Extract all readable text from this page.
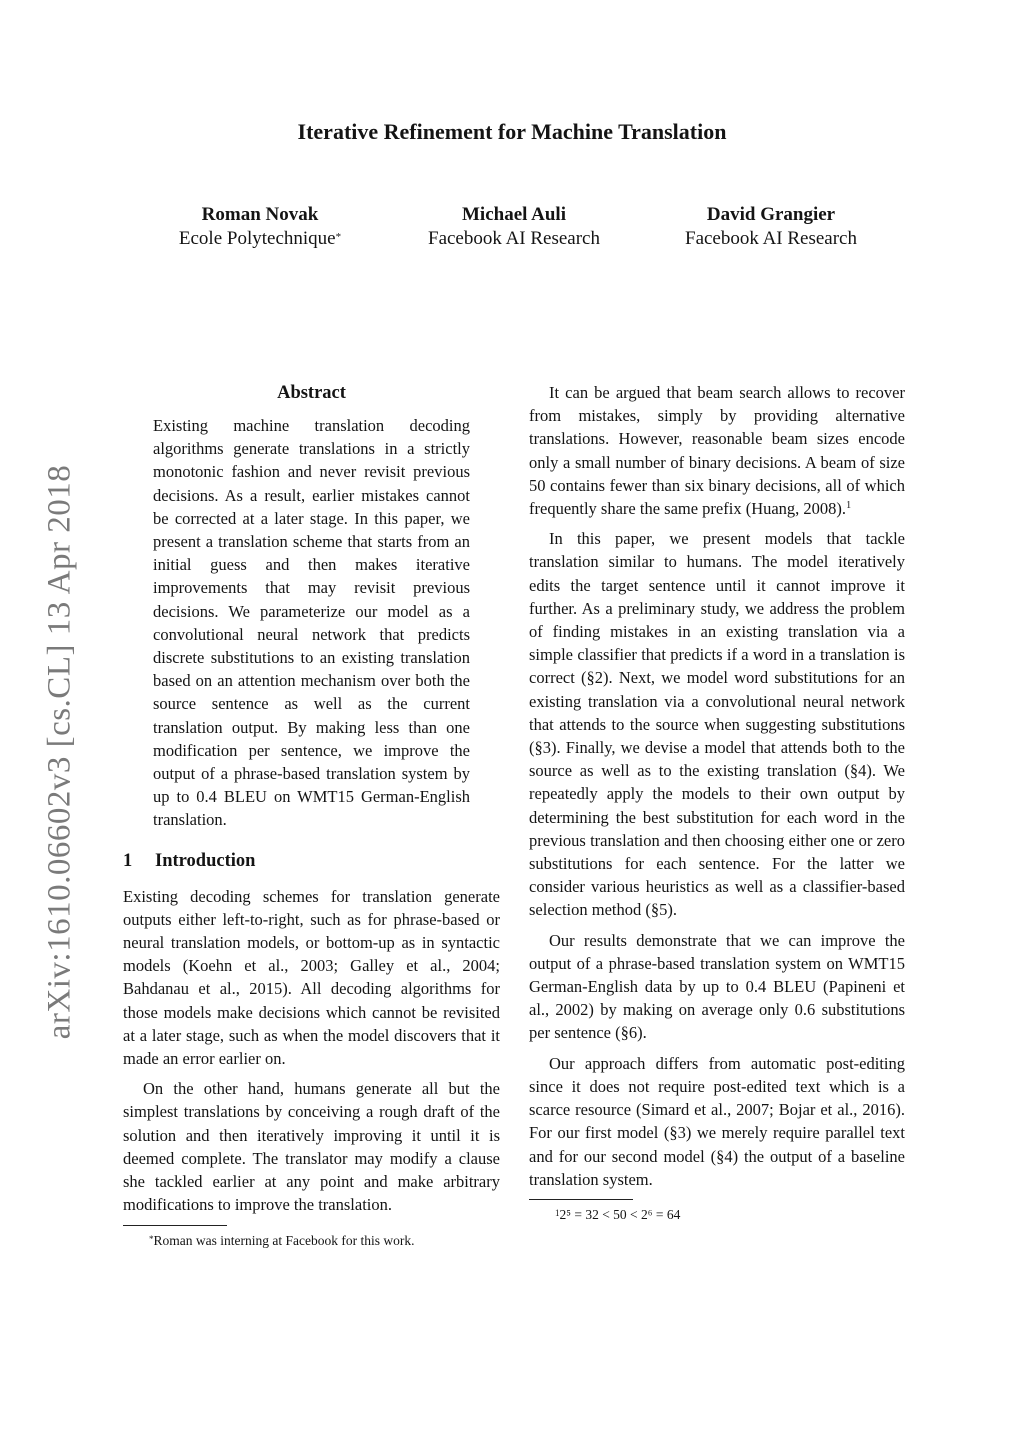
Iterative Refinement for Machine Translation
Roman Novak
Ecole Polytechnique*
Michael Auli
Facebook AI Research
David Grangier
Facebook AI Research
arXiv:1610.06602v3 [cs.CL] 13 Apr 2018
Abstract

Existing machine translation decoding algorithms generate translations in a strictly monotonic fashion and never revisit previous decisions. As a result, earlier mistakes cannot be corrected at a later stage. In this paper, we present a translation scheme that starts from an initial guess and then makes iterative improvements that may revisit previous decisions. We parameterize our model as a convolutional neural network that predicts discrete substitutions to an existing translation based on an attention mechanism over both the source sentence as well as the current translation output. By making less than one modification per sentence, we improve the output of a phrase-based translation system by up to 0.4 BLEU on WMT15 German-English translation.

1 Introduction

Existing decoding schemes for translation generate outputs either left-to-right, such as for phrase-based or neural translation models, or bottom-up as in syntactic models (Koehn et al., 2003; Galley et al., 2004; Bahdanau et al., 2015). All decoding algorithms for those models make decisions which cannot be revisited at a later stage, such as when the model discovers that it made an error earlier on.

On the other hand, humans generate all but the simplest translations by conceiving a rough draft of the solution and then iteratively improving it until it is deemed complete. The translator may modify a clause she tackled earlier at any point and make arbitrary modifications to improve the translation.

*Roman was interning at Facebook for this work.

It can be argued that beam search allows to recover from mistakes, simply by providing alternative translations. However, reasonable beam sizes encode only a small number of binary decisions. A beam of size 50 contains fewer than six binary decisions, all of which frequently share the same prefix (Huang, 2008).$^1$

In this paper, we present models that tackle translation similar to humans. The model iteratively edits the target sentence until it cannot improve it further. As a preliminary study, we address the problem of finding mistakes in an existing translation via a simple classifier that predicts if a word in a translation is correct (§2). Next, we model word substitutions for an existing translation via a convolutional neural network that attends to the source when suggesting substitutions (§3). Finally, we devise a model that attends both to the source as well as to the existing translation (§4). We repeatedly apply the models to their own output by determining the best substitution for each word in the previous translation and then choosing either one or zero substitutions for each sentence. For the latter we consider various heuristics as well as a classifier-based selection method (§5).

Our results demonstrate that we can improve the output of a phrase-based translation system on WMT15 German-English data by up to 0.4 BLEU (Papineni et al., 2002) by making on average only 0.6 substitutions per sentence (§6).

Our approach differs from automatic post-editing since it does not require post-edited text which is a scarce resource (Simard et al., 2007; Bojar et al., 2016). For our first model (§3) we merely require parallel text and for our second model (§4) the output of a baseline translation system.

$^1$2⁵ = 32 < 50 < 2⁶ = 64
